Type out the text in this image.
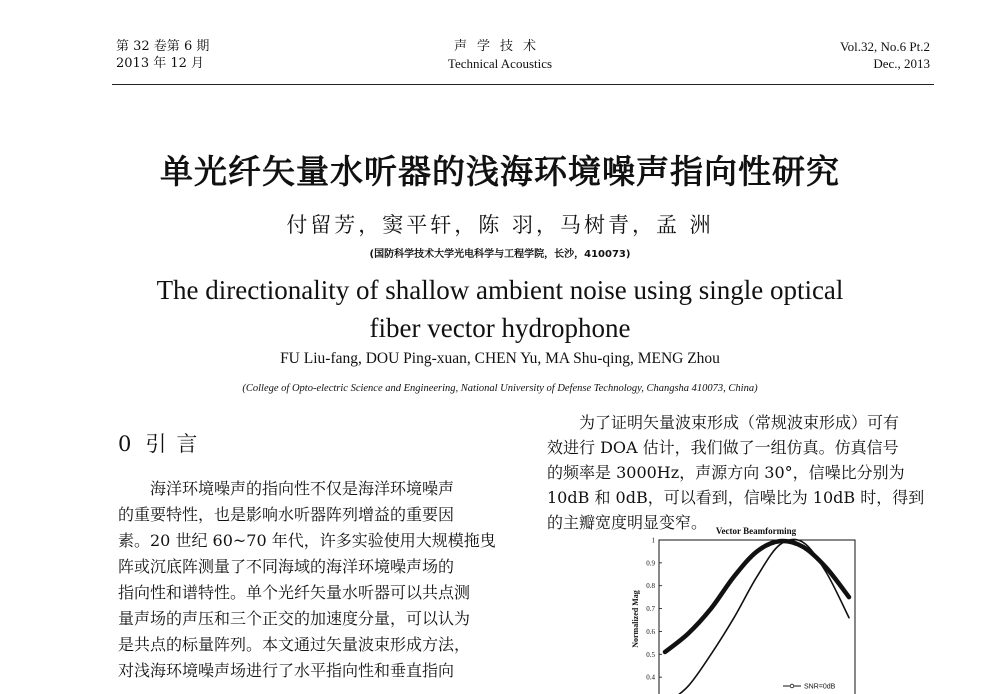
第 32 卷第 6 期
2013 年 12 月
声学技术
Technical Acoustics
Vol.32, No.6 Pt.2
Dec., 2013
单光纤矢量水听器的浅海环境噪声指向性研究
付留芳，窦平轩，陈 羽，马树青，孟 洲
(国防科学技术大学光电科学与工程学院，长沙，410073)
The directionality of shallow ambient noise using single optical
fiber vector hydrophone
FU Liu-fang, DOU Ping-xuan, CHEN Yu, MA Shu-qing, MENG Zhou
(College of Opto-electric Science and Engineering, National University of Defense Technology, Changsha 410073, China)
0 引言
　　海洋环境噪声的指向性不仅是海洋环境噪声
的重要特性，也是影响水听器阵列增益的重要因
素。20 世纪 60~70 年代，许多实验使用大规模拖曳
阵或沉底阵测量了不同海域的海洋环境噪声场的
指向性和谱特性。单个光纤矢量水听器可以共点测
量声场的声压和三个正交的加速度分量，可以认为
是共点的标量阵列。本文通过矢量波束形成方法，
对浅海环境噪声场进行了水平指向性和垂直指向
　　为了证明矢量波束形成（常规波束形成）可有
效进行 DOA 估计，我们做了一组仿真。仿真信号
的频率是 3000Hz，声源方向 30°，信噪比分别为
10dB 和 0dB，可以看到，信噪比为 10dB 时，得到
的主瓣宽度明显变窄。 Vector Beamforming
Normalized Mag
1
0.9
0.8
0.7
0.6
0.5
0.4
SNR=0dB
